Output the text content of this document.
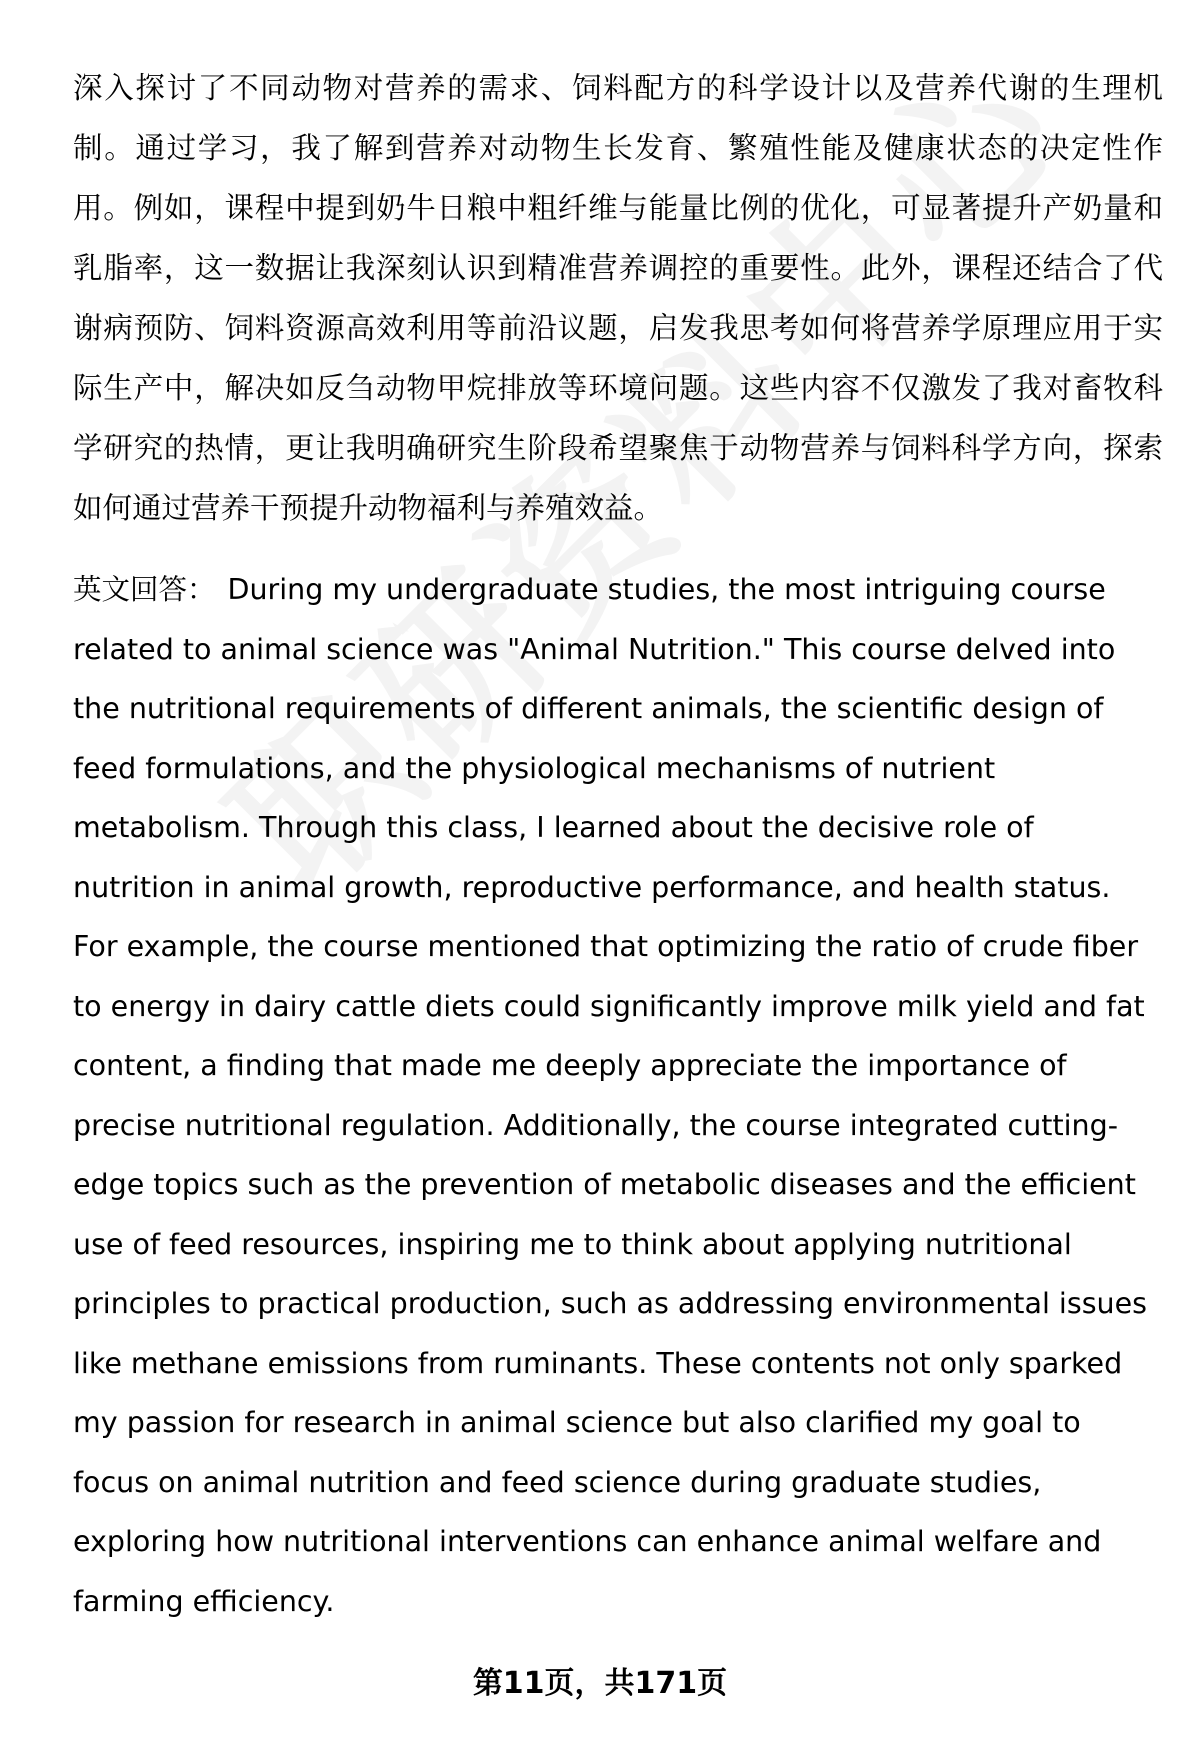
深入探讨了不同动物对营养的需求、饲料配方的科学设计以及营养代谢的生理机制。通过学习，我了解到营养对动物生长发育、繁殖性能及健康状态的决定性作用。例如，课程中提到奶牛日粮中粗纤维与能量比例的优化，可显著提升产奶量和乳脂率，这一数据让我深刻认识到精准营养调控的重要性。此外，课程还结合了代谢病预防、饲料资源高效利用等前沿议题，启发我思考如何将营养学原理应用于实际生产中，解决如反刍动物甲烷排放等环境问题。这些内容不仅激发了我对畜牧科学研究的热情，更让我明确研究生阶段希望聚焦于动物营养与饲料科学方向，探索如何通过营养干预提升动物福利与养殖效益。

英文回答： During my undergraduate studies, the most intriguing course related to animal science was "Animal Nutrition." This course delved into the nutritional requirements of different animals, the scientific design of feed formulations, and the physiological mechanisms of nutrient metabolism. Through this class, I learned about the decisive role of nutrition in animal growth, reproductive performance, and health status. For example, the course mentioned that optimizing the ratio of crude fiber to energy in dairy cattle diets could significantly improve milk yield and fat content, a finding that made me deeply appreciate the importance of precise nutritional regulation. Additionally, the course integrated cutting-edge topics such as the prevention of metabolic diseases and the efficient use of feed resources, inspiring me to think about applying nutritional principles to practical production, such as addressing environmental issues like methane emissions from ruminants. These contents not only sparked my passion for research in animal science but also clarified my goal to focus on animal nutrition and feed science during graduate studies, exploring how nutritional interventions can enhance animal welfare and farming efficiency.

第11页，共171页
